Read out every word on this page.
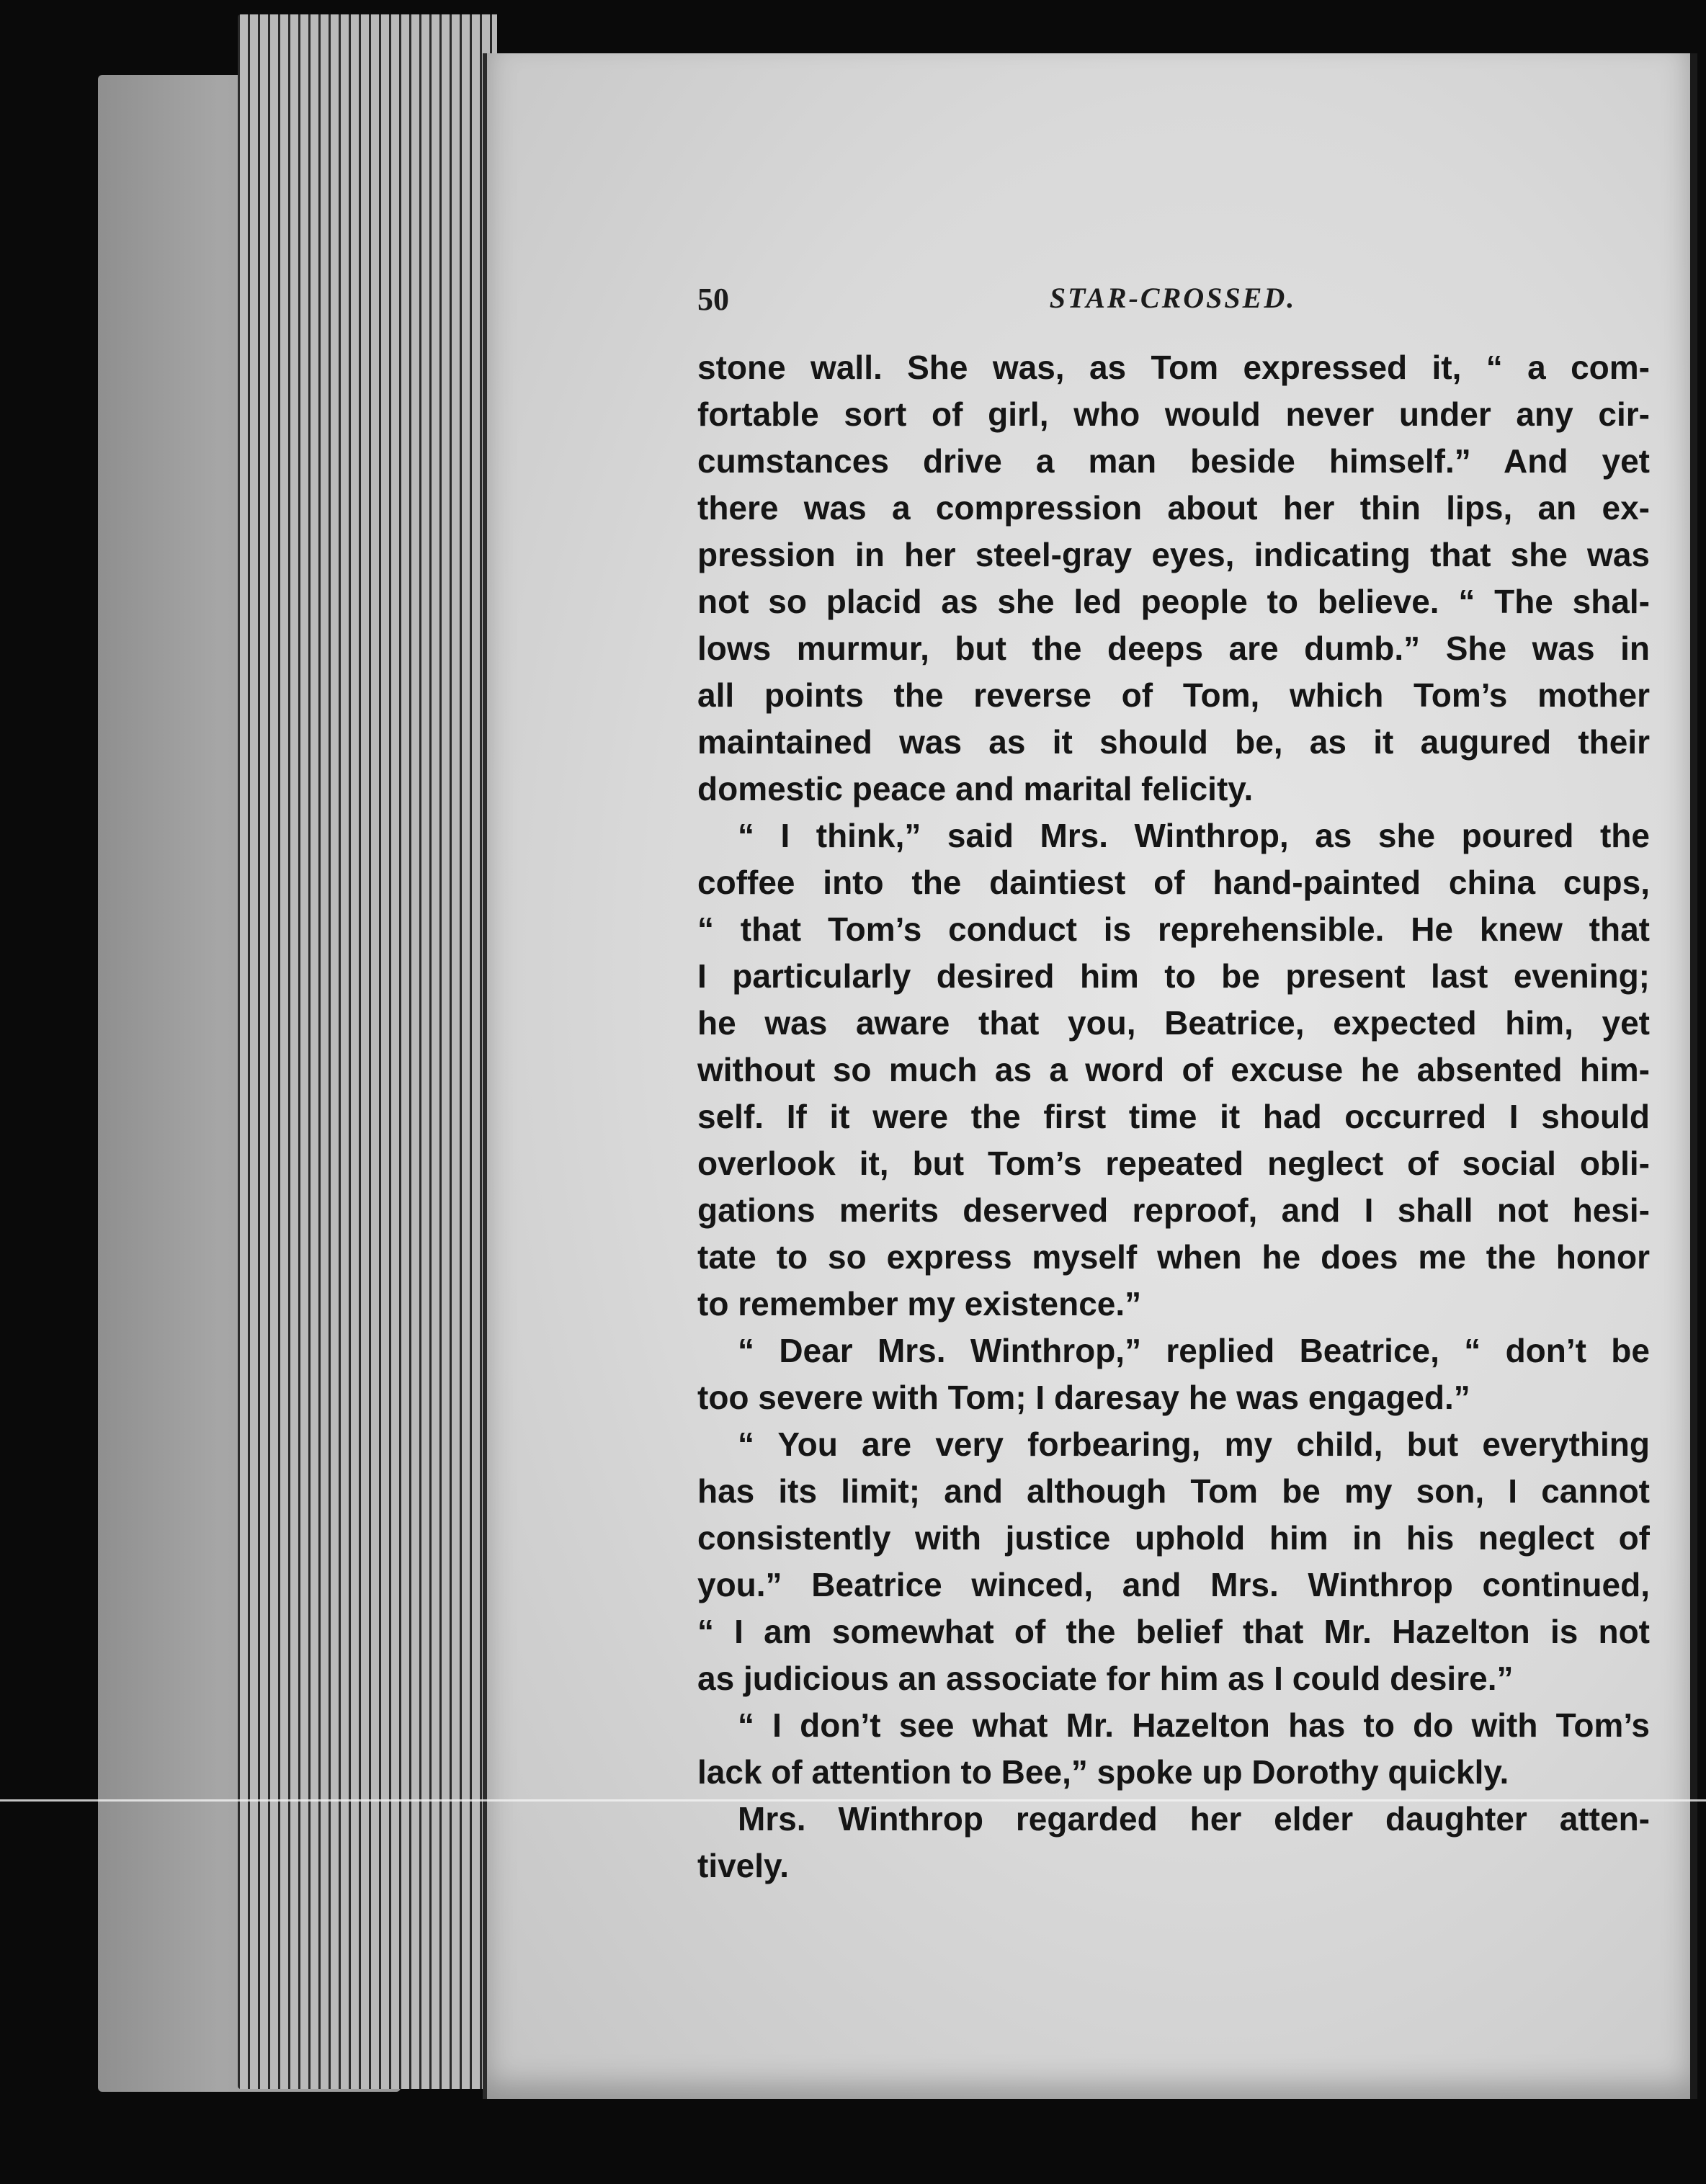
50	STAR-CROSSED.
stone wall. She was, as Tom expressed it, “ a com-
fortable sort of girl, who would never under any cir-
cumstances drive a man beside himself.” And yet
there was a compression about her thin lips, an ex-
pression in her steel-gray eyes, indicating that she was
not so placid as she led people to believe. “ The shal-
lows murmur, but the deeps are dumb.” She was in
all points the reverse of Tom, which Tom’s mother
maintained was as it should be, as it augured their
domestic peace and marital felicity.
“ I think,” said Mrs. Winthrop, as she poured the
coffee into the daintiest of hand-painted china cups,
“ that Tom’s conduct is reprehensible. He knew that
I particularly desired him to be present last evening;
he was aware that you, Beatrice, expected him, yet
without so much as a word of excuse he absented him-
self. If it were the first time it had occurred I should
overlook it, but Tom’s repeated neglect of social obli-
gations merits deserved reproof, and I shall not hesi-
tate to so express myself when he does me the honor
to remember my existence.”
“ Dear Mrs. Winthrop,” replied Beatrice, “ don’t be
too severe with Tom; I daresay he was engaged.”
“ You are very forbearing, my child, but everything
has its limit; and although Tom be my son, I cannot
consistently with justice uphold him in his neglect of
you.” Beatrice winced, and Mrs. Winthrop continued,
“ I am somewhat of the belief that Mr. Hazelton is not
as judicious an associate for him as I could desire.”
“ I don’t see what Mr. Hazelton has to do with Tom’s
lack of attention to Bee,” spoke up Dorothy quickly.
Mrs. Winthrop regarded her elder daughter atten-
tively.
